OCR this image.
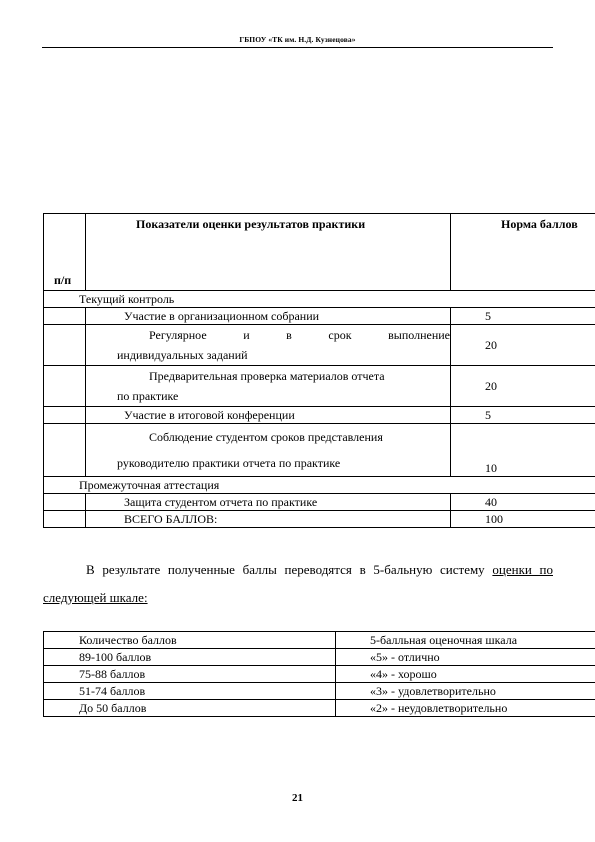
ГБПОУ «ТК им. Н.Д. Кузнецова»
п/п	Показатели оценки результатов практики	Норма баллов
Текущий контроль		
	Участие в организационном собрании	5

	Регулярное и в срок выполнение
индивидуальных заданий	20

	Предварительная проверка материалов отчета
по практике	20
	Участие в итоговой конференции	5

	Соблюдение студентом сроков представления
руководителю практики отчета по практике	10
Промежуточная аттестация		
	Защита студентом отчета по практике	40
	ВСЕГО БАЛЛОВ:	100
В результате полученные баллы переводятся в 5-бальную систему оценки по
следующей шкале:
Количество баллов	5-балльная оценочная шкала
89-100 баллов	«5» - отлично
75-88 баллов	«4» - хорошо
51-74 баллов	«3» - удовлетворительно
До 50 баллов	«2» - неудовлетворительно
21
